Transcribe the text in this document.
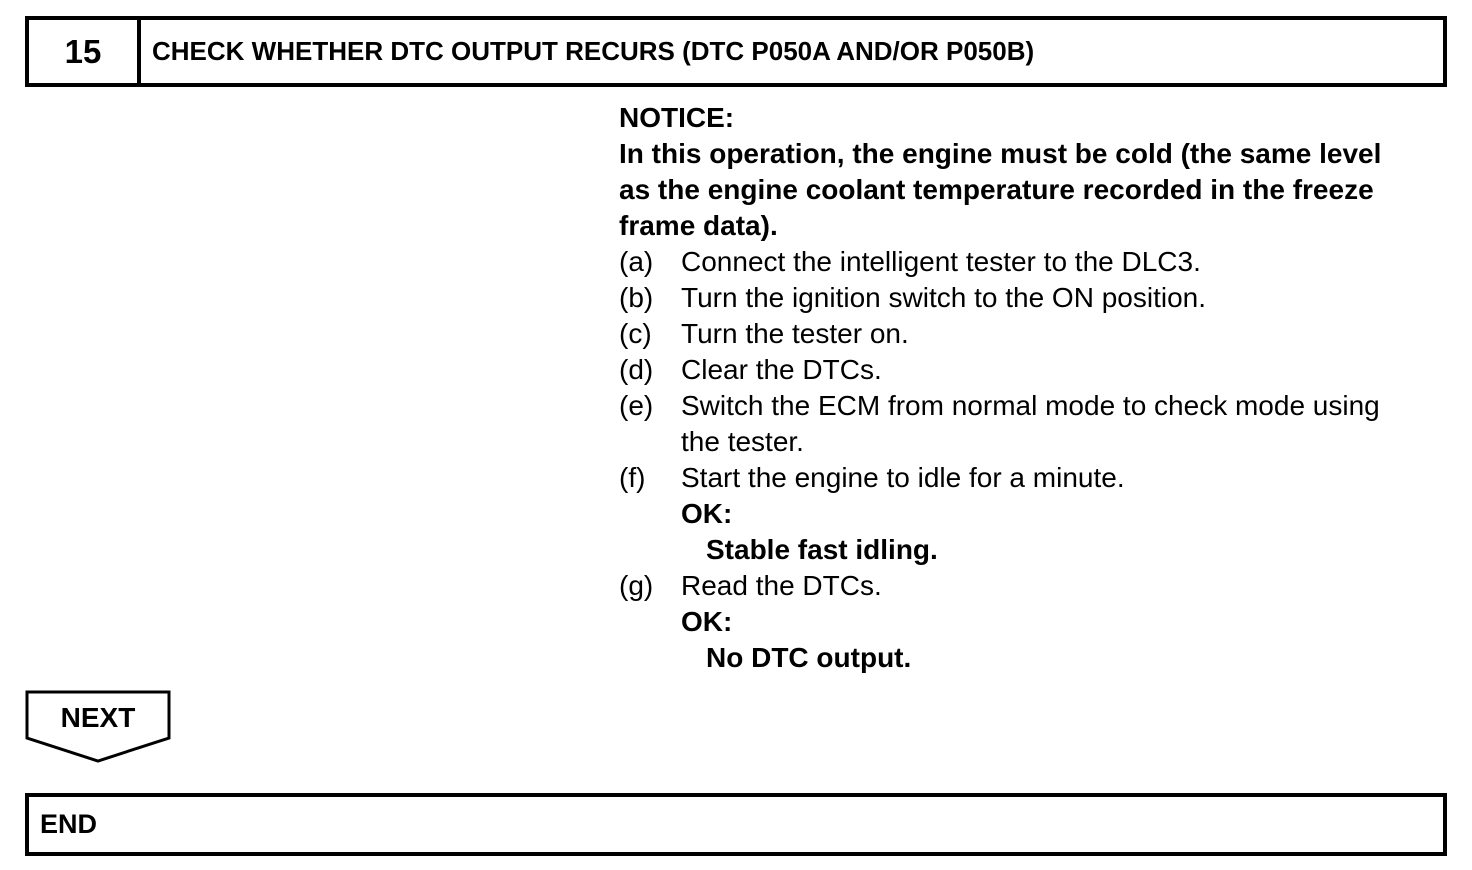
15	CHECK WHETHER DTC OUTPUT RECURS (DTC P050A AND/OR P050B)
NOTICE:
In this operation, the engine must be cold (the same level
as the engine coolant temperature recorded in the freeze
frame data).
(a) Connect the intelligent tester to the DLC3.
(b) Turn the ignition switch to the ON position.
(c)	Turn the tester on.
(d) Clear the DTCs.
(e) Switch the ECM from normal mode to check mode using
the tester.
(f)	Start the engine to idle for a minute.
OK:
Stable fast idling.
(g) Read the DTCs.
OK:
No DTC output.
NEXT
END
